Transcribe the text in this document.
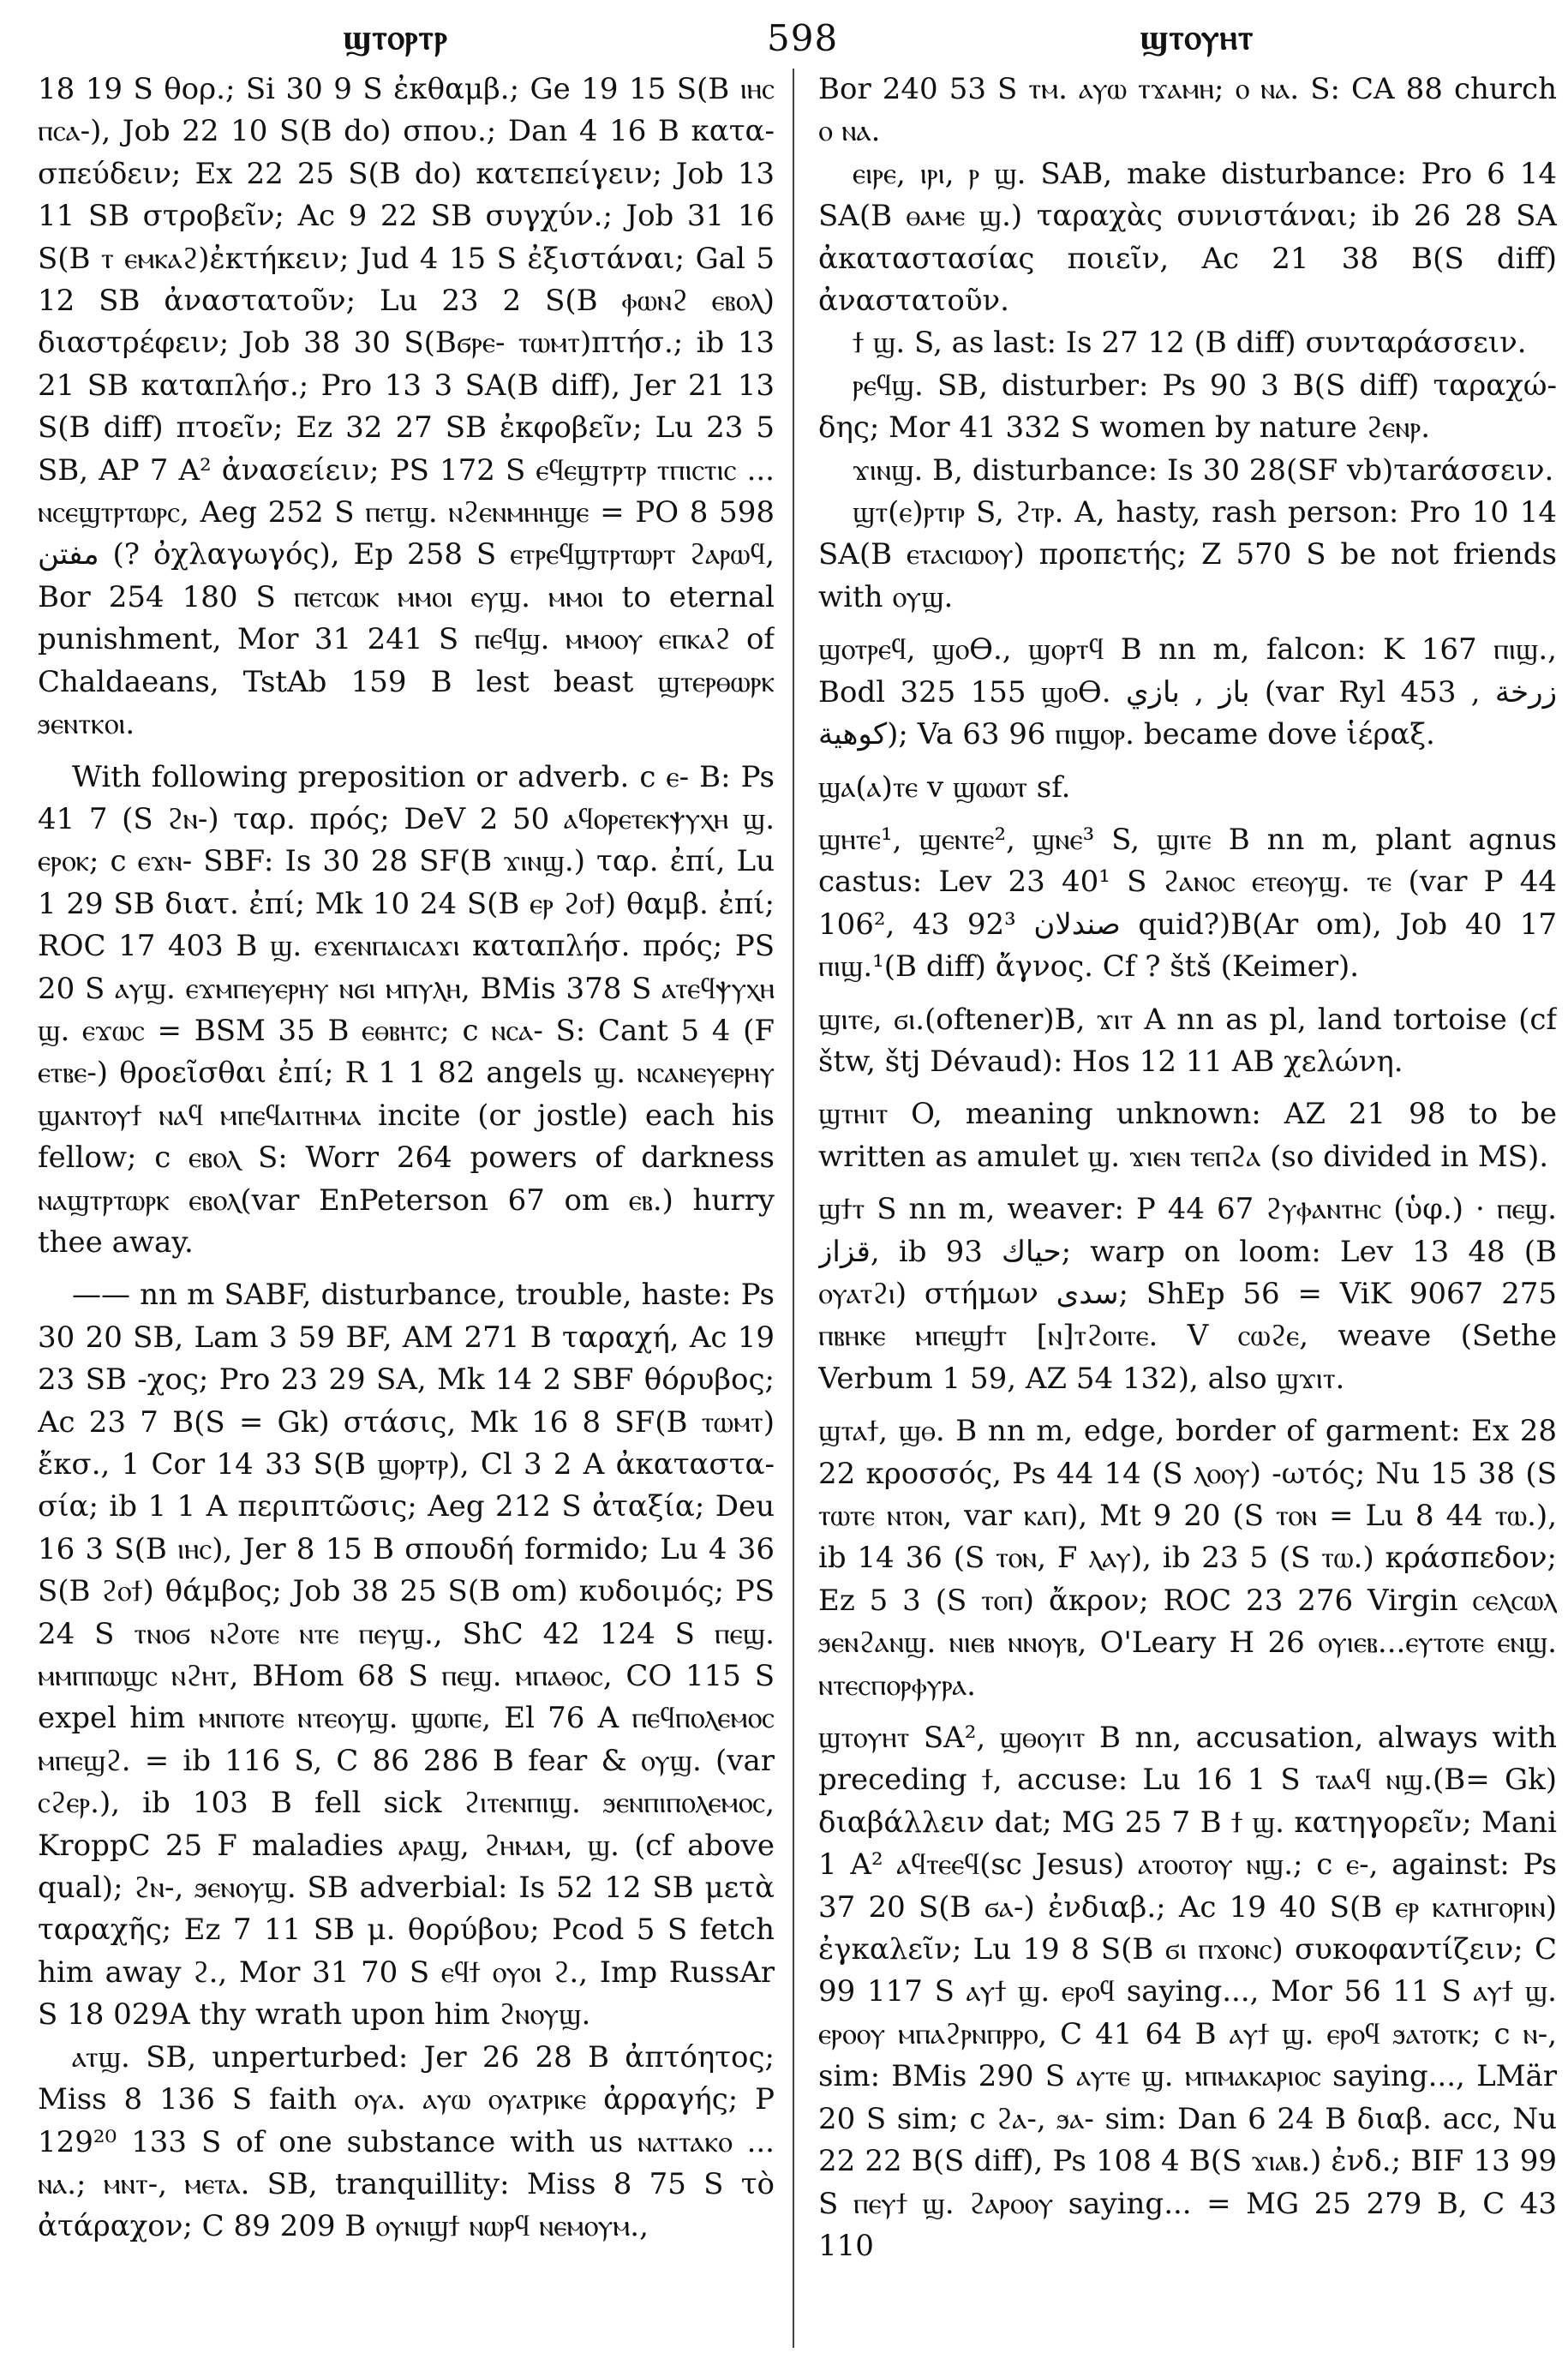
ϣⲧⲟⲣⲧⲣ	598	ϣⲧⲟⲩⲏⲧ

18 19 S θορ.; Si 30 9 S ἐκθαμβ.; Ge 19 15 S(B ⲓⲏⲥ ⲡⲥⲁ-), Job 22 10 S(B do) σπου.; Dan 4 16 B κατασπεύδειν; Ex 22 25 S(B do) κατεπείγειν; Job 13 11 SB στροβεῖν; Ac 9 22 SB συγχύν.; Job 31 16 S(B ⲧ ⲉⲙⲕⲁϩ)ἐκτήκειν; Jud 4 15 S ἐξιστάναι; Gal 5 12 SB ἀναστατοῦν; Lu 23 2 S(B ⲫⲱⲛϩ ⲉⲃⲟⲗ) διαστρέφειν; Job 38 30 S(Bϭⲣⲉ- ⲧⲱⲙⲧ)πτήσ.; ib 13 21 SB καταπλήσ.; Pro 13 3 SA(B diff), Jer 21 13 S(B diff) πτοεῖν; Ez 32 27 SB ἐκφοβεῖν; Lu 23 5 SB, AP 7 A² ἀνασείειν; PS 172 S ⲉϥⲉϣⲧⲣⲧⲣ ⲧⲡⲓⲥⲧⲓⲥ ... ⲛⲥⲉϣⲧⲣⲧⲱⲣⲥ, Aeg 252 S ⲡⲉⲧϣ. ⲛϩⲉⲛⲙⲏⲏϣⲉ = PO 8 598 مفتن (? ὀχλαγωγός), Ep 258 S ⲉⲧⲣⲉϥϣⲧⲣⲧⲱⲣⲧ ϩⲁⲣⲱϥ, Bor 254 180 S ⲡⲉⲧⲥⲱⲕ ⲙⲙⲟⲓ ⲉⲩϣ. ⲙⲙⲟⲓ to eternal punishment, Mor 31 241 S ⲡⲉϥϣ. ⲙⲙⲟⲟⲩ ⲉⲡⲕⲁϩ of Chaldaeans, TstAb 159 B lest beast ϣⲧⲉⲣⲑⲱⲣⲕ ϧⲉⲛⲧⲕⲟⲓ.

With following preposition or adverb. c ⲉ- B: Ps 41 7 (S ϩⲛ-) ταρ. πρός; DeV 2 50 ⲁϥⲟⲣⲉⲧⲉⲕⲯⲩⲭⲏ ϣ. ⲉⲣⲟⲕ; c ⲉϫⲛ- SBF: Is 30 28 SF(B ϫⲓⲛϣ.) ταρ. ἐπί, Lu 1 29 SB διατ. ἐπί; Mk 10 24 S(B ⲉⲣ ϩⲟϯ) θαμβ. ἐπί; ROC 17 403 B ϣ. ⲉϫⲉⲛⲡⲁⲓⲥⲁϫⲓ καταπλήσ. πρός; PS 20 S ⲁⲩϣ. ⲉϫⲙⲡⲉⲩⲉⲣⲏⲩ ⲛϭⲓ ⲙⲡⲩⲗⲏ, BMis 378 S ⲁⲧⲉϥⲯⲩⲭⲏ ϣ. ⲉϫⲱⲥ = BSM 35 B ⲉⲑⲃⲏⲧⲥ; c ⲛⲥⲁ- S: Cant 5 4 (F ⲉⲧⲃⲉ-) θροεῖσθαι ἐπί; R 1 1 82 angels ϣ. ⲛⲥⲁⲛⲉⲩⲉⲣⲏⲩ ϣⲁⲛⲧⲟⲩϯ ⲛⲁϥ ⲙⲡⲉϥⲁⲓⲧⲏⲙⲁ incite (or jostle) each his fellow; c ⲉⲃⲟⲗ S: Worr 264 powers of darkness ⲛⲁϣⲧⲣⲧⲱⲣⲕ ⲉⲃⲟⲗ(var EnPeterson 67 om ⲉⲃ.) hurry thee away.

—— nn m SABF, disturbance, trouble, haste: Ps 30 20 SB, Lam 3 59 BF, AM 271 B ταραχή, Ac 19 23 SB -χος; Pro 23 29 SA, Mk 14 2 SBF θόρυβος; Ac 23 7 B(S = Gk) στάσις, Mk 16 8 SF(B ⲧⲱⲙⲧ) ἔκσ., 1 Cor 14 33 S(B ϣⲟⲣⲧⲣ), Cl 3 2 A ἀκαταστασία; ib 1 1 A περιπτῶσις; Aeg 212 S ἀταξία; Deu 16 3 S(B ⲓⲏⲥ), Jer 8 15 B σπουδή formido; Lu 4 36 S(B ϩⲟϯ) θάμβος; Job 38 25 S(B om) κυδοιμός; PS 24 S ⲧⲛⲟϭ ⲛϩⲟⲧⲉ ⲛⲧⲉ ⲡⲉⲩϣ., ShC 42 124 S ⲡⲉϣ. ⲙⲙⲡⲡⲱϣⲥ ⲛϩⲏⲧ, BHom 68 S ⲡⲉϣ. ⲙⲡⲁⲑⲟⲥ, CO 115 S expel him ⲙⲛⲡⲟⲧⲉ ⲛⲧⲉⲟⲩϣ. ϣⲱⲡⲉ, El 76 A ⲡⲉϥⲡⲟⲗⲉⲙⲟⲥ ⲙⲡⲉϣϩ. = ib 116 S, C 86 286 B fear & ⲟⲩϣ. (var ⲥϩⲉⲣ.), ib 103 B fell sick ϩⲓⲧⲉⲛⲡⲓϣ. ϧⲉⲛⲡⲓⲡⲟⲗⲉⲙⲟⲥ, KroppC 25 F maladies ⲁⲣⲁϣ, ϩⲏⲙⲁⲙ, ϣ. (cf above qual); ϩⲛ-, ϧⲉⲛⲟⲩϣ. SB adverbial: Is 52 12 SB μετὰ ταραχῆς; Ez 7 11 SB μ. θορύβου; Pcod 5 S fetch him away ϩ., Mor 31 70 S ⲉϥϯ ⲟⲩⲟⲓ ϩ., Imp RussAr S 18 029A thy wrath upon him ϩⲛⲟⲩϣ.

ⲁⲧϣ. SB, unperturbed: Jer 26 28 B ἀπτόητος; Miss 8 136 S faith ⲟⲩⲁ. ⲁⲩⲱ ⲟⲩⲁⲧⲣⲓⲕⲉ ἀρραγής; P 129²⁰ 133 S of one substance with us ⲛⲁⲧⲧⲁⲕⲟ ... ⲛⲁ.; ⲙⲛⲧ-, ⲙⲉⲧⲁ. SB, tranquillity: Miss 8 75 S τὸ ἀτάραχον; C 89 209 B ⲟⲩⲛⲓϣϯ ⲛⲱⲣϥ ⲛⲉⲙⲟⲩⲙ.,

Bor 240 53 S ⲧⲙ. ⲁⲩⲱ ⲧϫⲁⲙⲏ; ⲟ ⲛⲁ. S: CA 88 church ⲟ ⲛⲁ.

ⲉⲓⲣⲉ, ⲓⲣⲓ, ⲣ ϣ. SAB, make disturbance: Pro 6 14 SA(B ⲑⲁⲙⲉ ϣ.) ταραχὰς συνιστάναι; ib 26 28 SA ἀκαταστασίας ποιεῖν, Ac 21 38 B(S diff) ἀναστατοῦν.

ϯ ϣ. S, as last: Is 27 12 (B diff) συνταράσσειν.

ⲣⲉϥϣ. SB, disturber: Ps 90 3 B(S diff) ταραχώδης; Mor 41 332 S women by nature ϩⲉⲛⲣ.

ϫⲓⲛϣ. B, disturbance: Is 30 28(SF vb)τarάσσειν.

ϣⲧ(ⲉ)ⲣⲧⲓⲣ S, ϩⲧⲣ. A, hasty, rash person: Pro 10 14 SA(B ⲉⲧⲁⲥⲓⲱⲟⲩ) προπετής; Z 570 S be not friends with ⲟⲩϣ.

ϣⲟⲧⲣⲉϥ, ϣⲟϴ., ϣⲟⲣⲧϥ B nn m, falcon: K 167 ⲡⲓϣ., Bodl 325 155 ϣⲟϴ. باز , بازي (var Ryl 453 زرخة , كوهية); Va 63 96 ⲡⲓϣⲟⲣ. became dove ἱέραξ.

ϣⲁ(ⲁ)ⲧⲉ v ϣⲱⲱⲧ sf.

ϣⲏⲧⲉ¹, ϣⲉⲛⲧⲉ², ϣⲛⲉ³ S, ϣⲓⲧⲉ B nn m, plant agnus castus: Lev 23 40¹ S ϩⲁⲛⲟⲥ ⲉⲧⲉⲟⲩϣ. ⲧⲉ (var P 44 106², 43 92³ صندلان quid?)B(Ar om), Job 40 17 ⲡⲓϣ.¹(B diff) ἄγνος. Cf ? štš (Keimer).

ϣⲓⲧⲉ, ϭⲓ.(oftener)B, ϫⲓⲧ A nn as pl, land tortoise (cf štw, štj Dévaud): Hos 12 11 AB χελώνη.

ϣⲧⲏⲓⲧ O, meaning unknown: AZ 21 98 to be written as amulet ϣ. ϫⲓⲉⲛ ⲧⲉⲡϩⲁ (so divided in MS).

ϣϯⲧ S nn m, weaver: P 44 67 ϩⲩⲫⲁⲛⲧⲏⲥ (ὑφ.) · ⲡⲉϣ. قزاز, ib 93 حياك; warp on loom: Lev 13 48 (B ⲟⲩⲁⲧϩⲓ) στήμων سدى; ShEp 56 = ViK 9067 275 ⲡⲃⲏⲕⲉ ⲙⲡⲉϣϯⲧ [ⲛ]ⲧϩⲟⲓⲧⲉ. V ⲥⲱϩⲉ, weave (Sethe Verbum 1 59, AZ 54 132), also ϣϫⲓⲧ.

ϣⲧⲁϯ, ϣⲑ. B nn m, edge, border of garment: Ex 28 22 κροσσός, Ps 44 14 (S ⲗⲟⲟⲩ) -ωτός; Nu 15 38 (S ⲧⲱⲧⲉ ⲛⲧⲟⲛ, var ⲕⲁⲡ), Mt 9 20 (S ⲧⲟⲛ = Lu 8 44 ⲧⲱ.), ib 14 36 (S ⲧⲟⲛ, F ⲗⲁⲩ), ib 23 5 (S ⲧⲱ.) κράσπεδον; Ez 5 3 (S ⲧⲟⲡ) ἄκρον; ROC 23 276 Virgin ⲥⲉⲗⲥⲱⲗ ϧⲉⲛϩⲁⲛϣ. ⲛⲓⲉⲃ ⲛⲛⲟⲩⲃ, O'Leary H 26 ⲟⲩⲓⲉⲃ...ⲉⲩⲧⲟⲧⲉ ⲉⲛϣ. ⲛⲧⲉⲥⲡⲟⲣⲫⲩⲣⲁ.

ϣⲧⲟⲩⲏⲧ SA², ϣⲑⲟⲩⲓⲧ B nn, accusation, always with preceding ϯ, accuse: Lu 16 1 S ⲧⲁⲁϥ ⲛϣ.(B= Gk) διαβάλλειν dat; MG 25 7 B ϯ ϣ. κατηγορεῖν; Mani 1 A² ⲁϥⲧⲉⲉϥ(sc Jesus) ⲁⲧⲟⲟⲧⲟⲩ ⲛϣ.; c ⲉ-, against: Ps 37 20 S(B ϭⲁ-) ἐνδιαβ.; Ac 19 40 S(B ⲉⲣ ⲕⲁⲧⲏⲅⲟⲣⲓⲛ) ἐγκαλεῖν; Lu 19 8 S(B ϭⲓ ⲡϫⲟⲛⲥ) συκοφαντίζειν; C 99 117 S ⲁⲩϯ ϣ. ⲉⲣⲟϥ saying..., Mor 56 11 S ⲁⲩϯ ϣ. ⲉⲣⲟⲟⲩ ⲙⲡⲁϩⲣⲛⲡⲣⲣⲟ, C 41 64 B ⲁⲩϯ ϣ. ⲉⲣⲟϥ ϧⲁⲧⲟⲧⲕ; c ⲛ-, sim: BMis 290 S ⲁⲩⲧⲉ ϣ. ⲙⲡⲙⲁⲕⲁⲣⲓⲟⲥ saying..., LMär 20 S sim; c ϩⲁ-, ϧⲁ- sim: Dan 6 24 B διαβ. acc, Nu 22 22 B(S diff), Ps 108 4 B(S ϫⲓⲁⲃ.) ἐνδ.; BIF 13 99 S ⲡⲉⲩϯ ϣ. ϩⲁⲣⲟⲟⲩ saying... = MG 25 279 B, C 43 110
